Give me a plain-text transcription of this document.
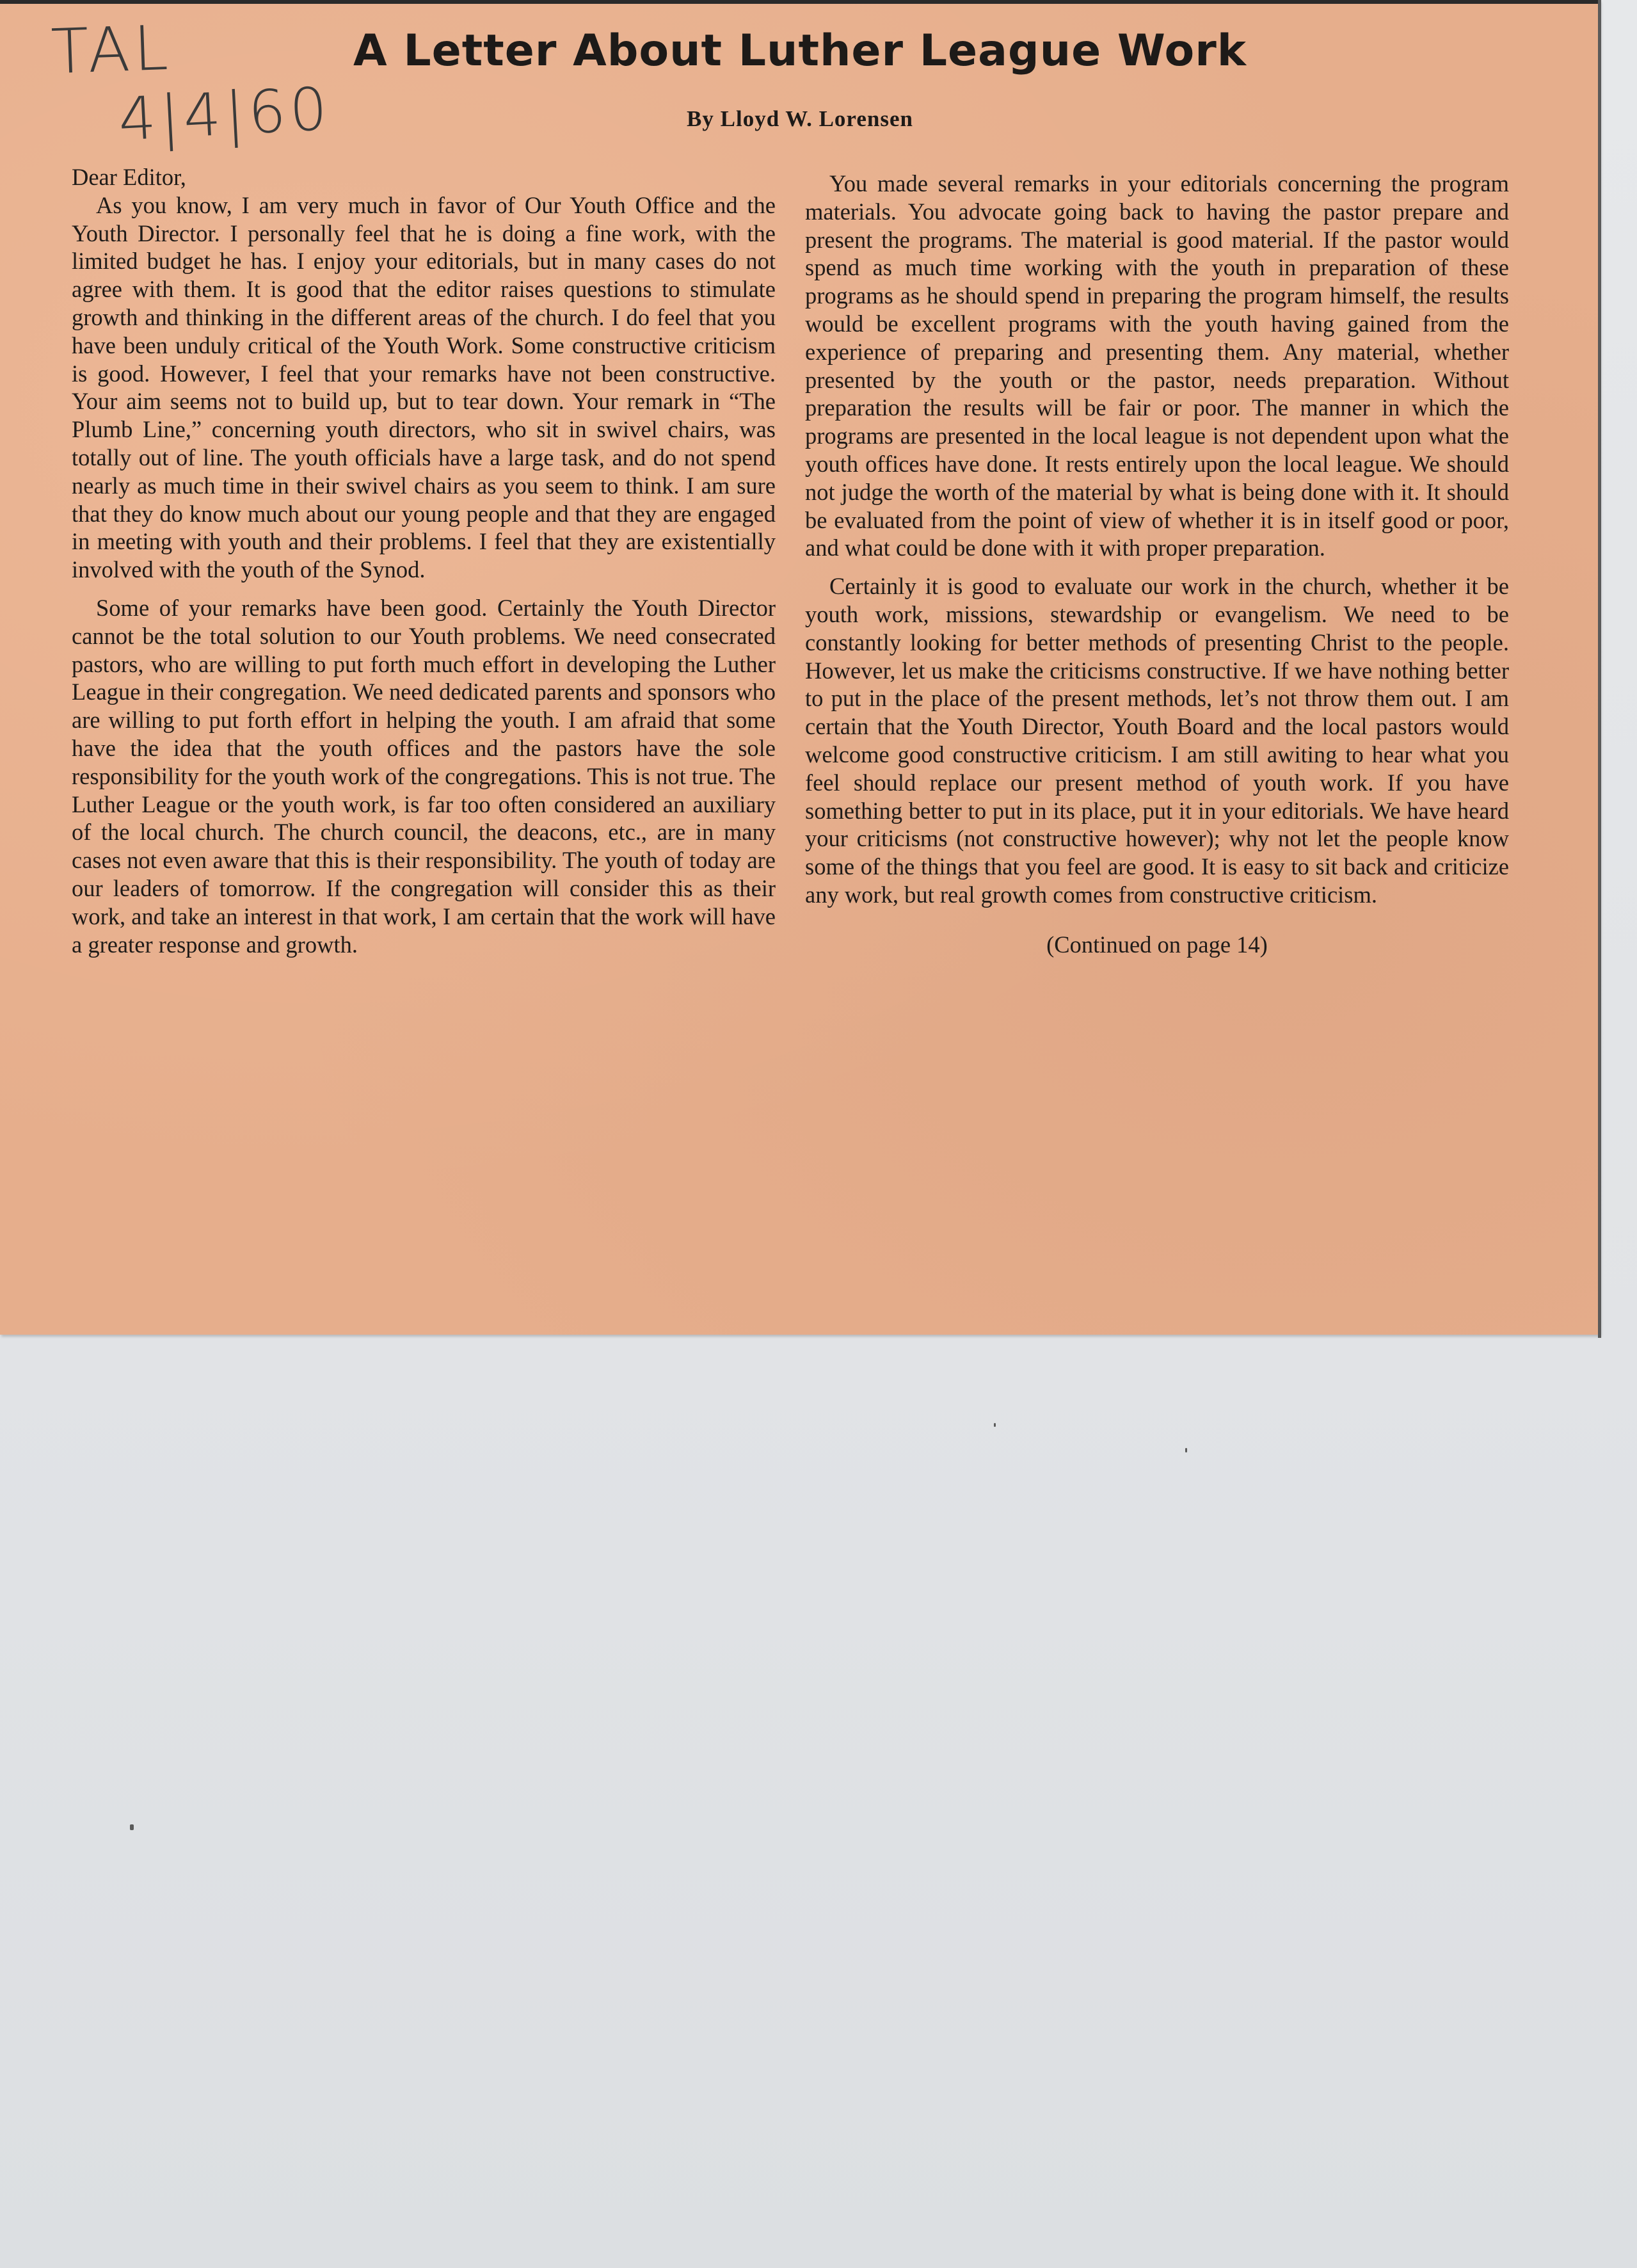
TAL
4|4|60
A Letter About Luther League Work
By Lloyd W. Lorensen

Dear Editor,

As you know, I am very much in favor of Our Youth Office and the Youth Director. I personally feel that he is doing a fine work, with the limited budget he has. I enjoy your editorials, but in many cases do not agree with them. It is good that the editor raises questions to stimulate growth and thinking in the different areas of the church. I do feel that you have been unduly critical of the Youth Work. Some constructive criticism is good. However, I feel that your remarks have not been constructive. Your aim seems not to build up, but to tear down. Your remark in “The Plumb Line,” concerning youth directors, who sit in swivel chairs, was totally out of line. The youth officials have a large task, and do not spend nearly as much time in their swivel chairs as you seem to think. I am sure that they do know much about our young people and that they are engaged in meeting with youth and their problems. I feel that they are existentially involved with the youth of the Synod.

Some of your remarks have been good. Certainly the Youth Director cannot be the total solution to our Youth problems. We need consecrated pastors, who are willing to put forth much effort in developing the Luther League in their congregation. We need dedicated parents and sponsors who are willing to put forth effort in helping the youth. I am afraid that some have the idea that the youth offices and the pastors have the sole responsibility for the youth work of the congregations. This is not true. The Luther League or the youth work, is far too often considered an auxiliary of the local church. The church council, the deacons, etc., are in many cases not even aware that this is their responsibility. The youth of today are our leaders of tomorrow. If the congregation will consider this as their work, and take an interest in that work, I am certain that the work will have a greater response and growth.

You made several remarks in your editorials concerning the program materials. You advocate going back to having the pastor prepare and present the programs. The material is good material. If the pastor would spend as much time working with the youth in preparation of these programs as he should spend in preparing the program himself, the results would be excellent programs with the youth having gained from the experience of preparing and presenting them. Any material, whether presented by the youth or the pastor, needs preparation. Without preparation the results will be fair or poor. The manner in which the programs are presented in the local league is not dependent upon what the youth offices have done. It rests entirely upon the local league. We should not judge the worth of the material by what is being done with it. It should be evaluated from the point of view of whether it is in itself good or poor, and what could be done with it with proper preparation.

Certainly it is good to evaluate our work in the church, whether it be youth work, missions, stewardship or evangelism. We need to be constantly looking for better methods of presenting Christ to the people. However, let us make the criticisms constructive. If we have nothing better to put in the place of the present methods, let’s not throw them out. I am certain that the Youth Director, Youth Board and the local pastors would welcome good constructive criticism. I am still awiting to hear what you feel should replace our present method of youth work. If you have something better to put in its place, put it in your editorials. We have heard your criticisms (not constructive however); why not let the people know some of the things that you feel are good. It is easy to sit back and criticize any work, but real growth comes from constructive criticism.

(Continued on page 14)
